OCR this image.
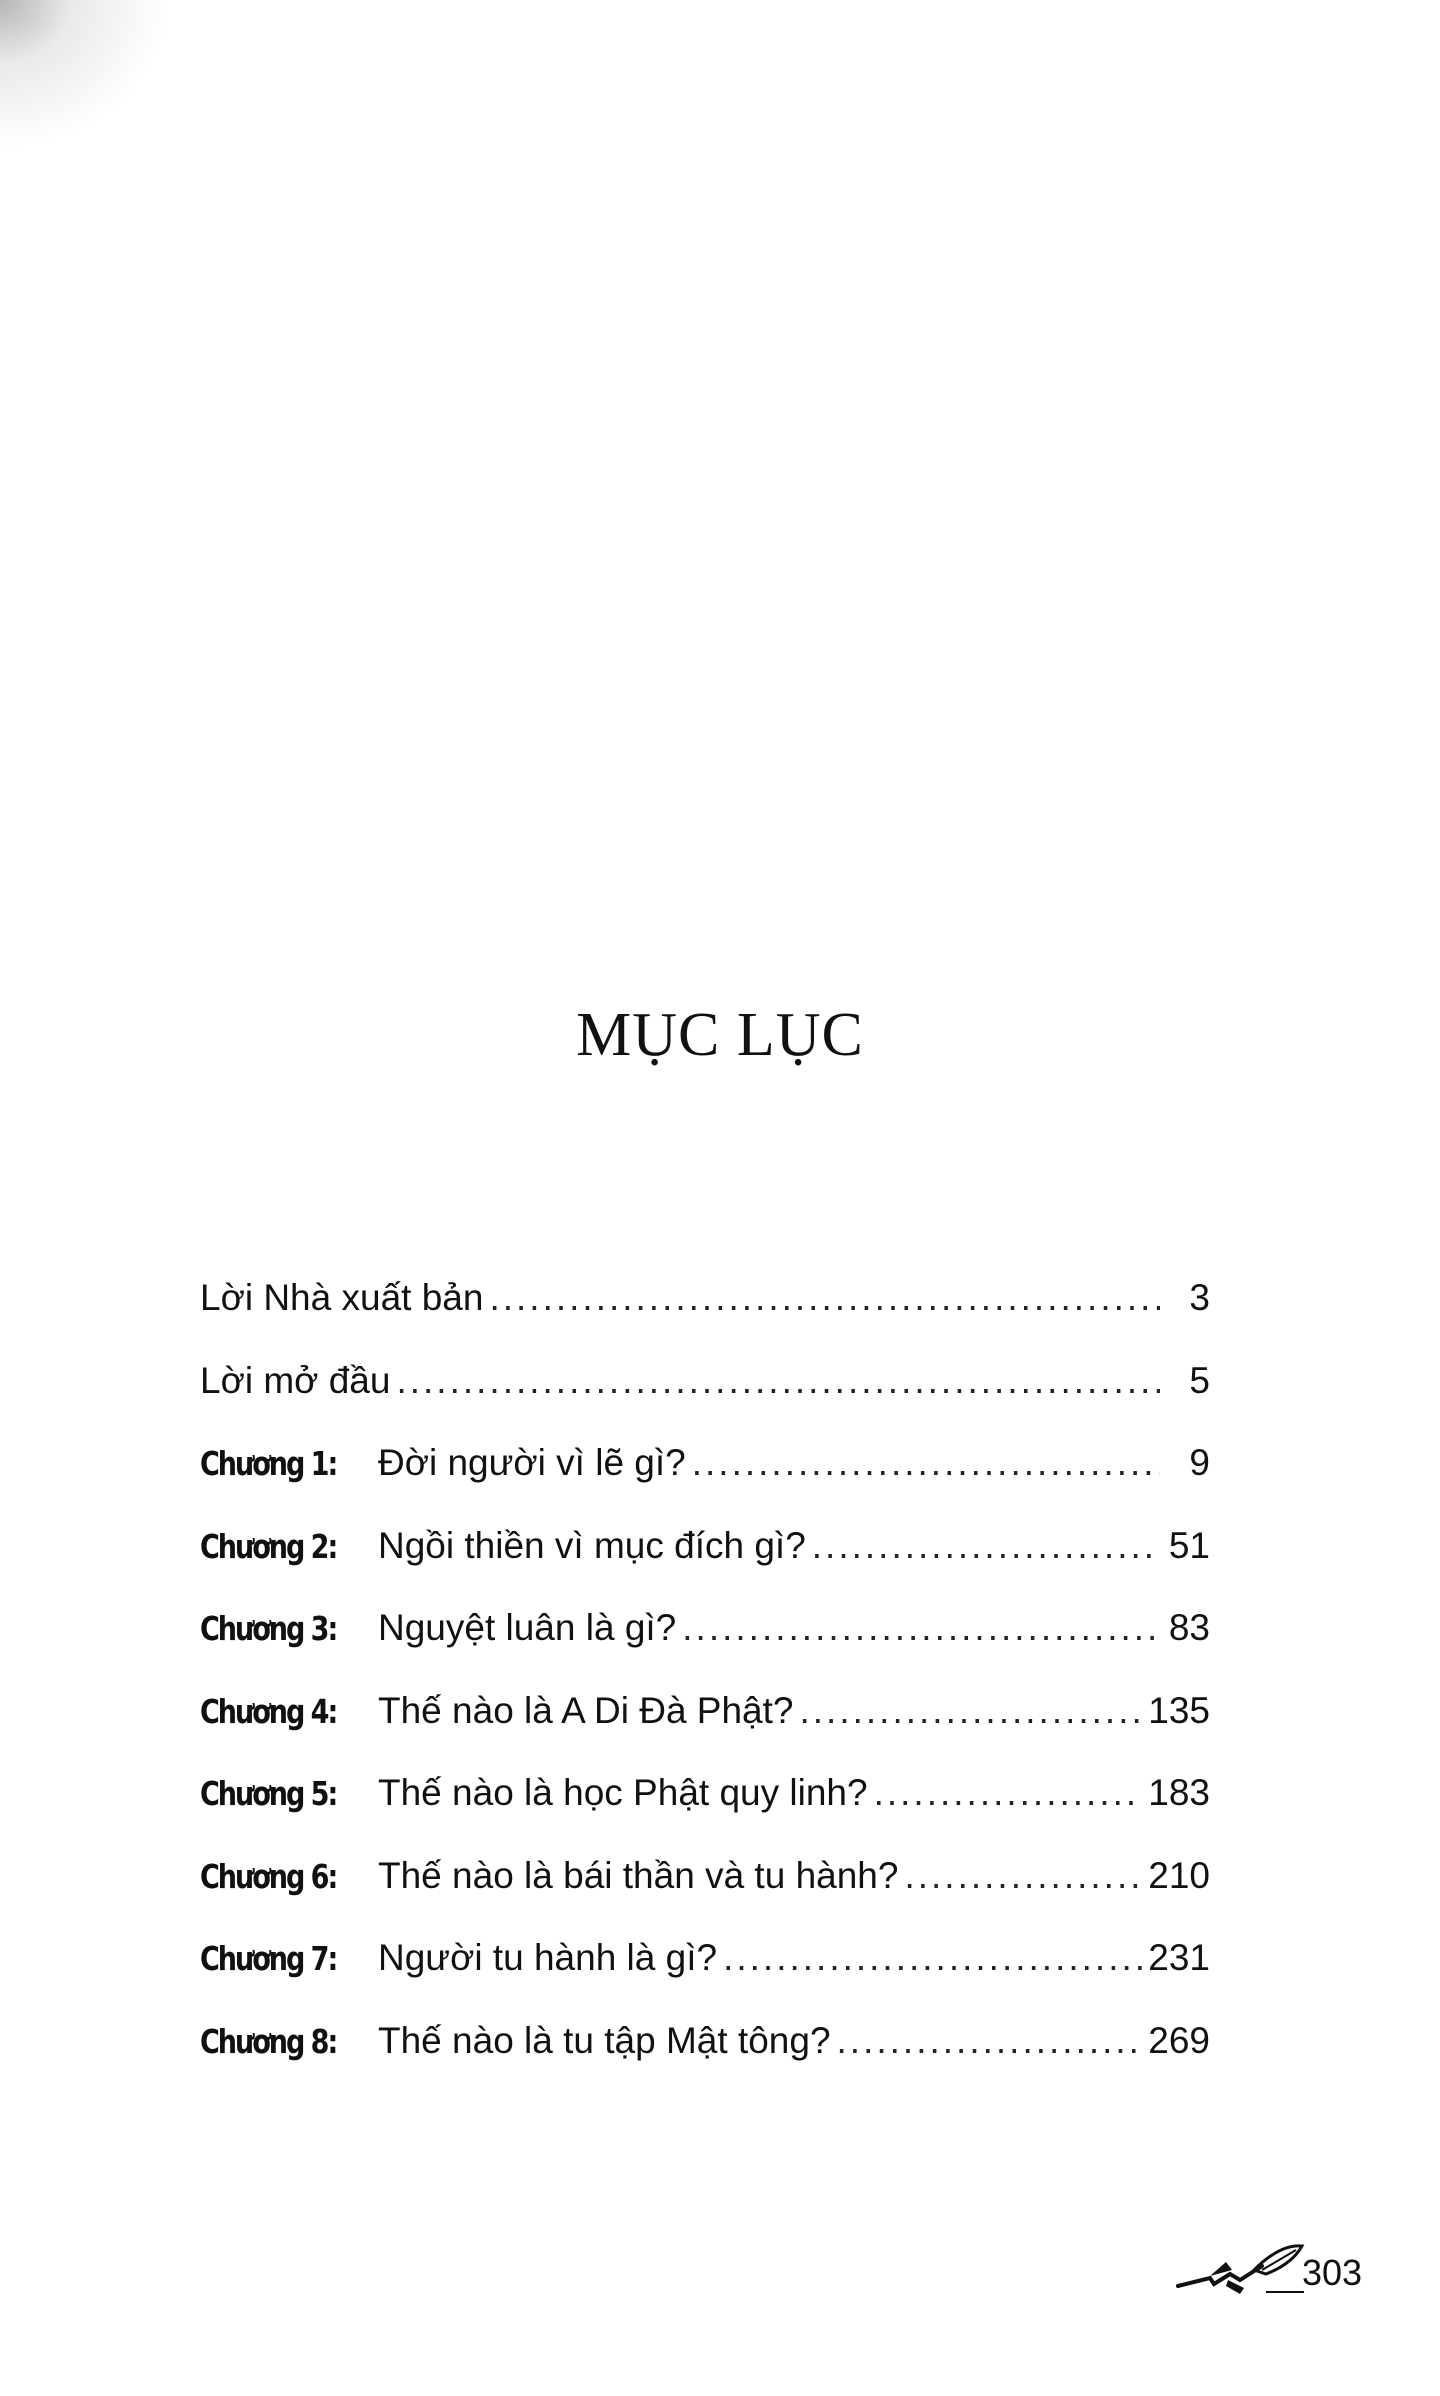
MỤC LỤC
Lời Nhà xuất bản .....	3
Lời mở đầu .....	5
Chương 1: Đời người vì lẽ gì? .....	9
Chương 2: Ngồi thiền vì mục đích gì? .....	51
Chương 3: Nguyệt luân là gì? .....	83
Chương 4: Thế nào là A Di Đà Phật? .....	135
Chương 5: Thế nào là học Phật quy linh? .....	183
Chương 6: Thế nào là bái thần và tu hành? .....	210
Chương 7: Người tu hành là gì? .....	231
Chương 8: Thế nào là tu tập Mật tông? .....	269
303
